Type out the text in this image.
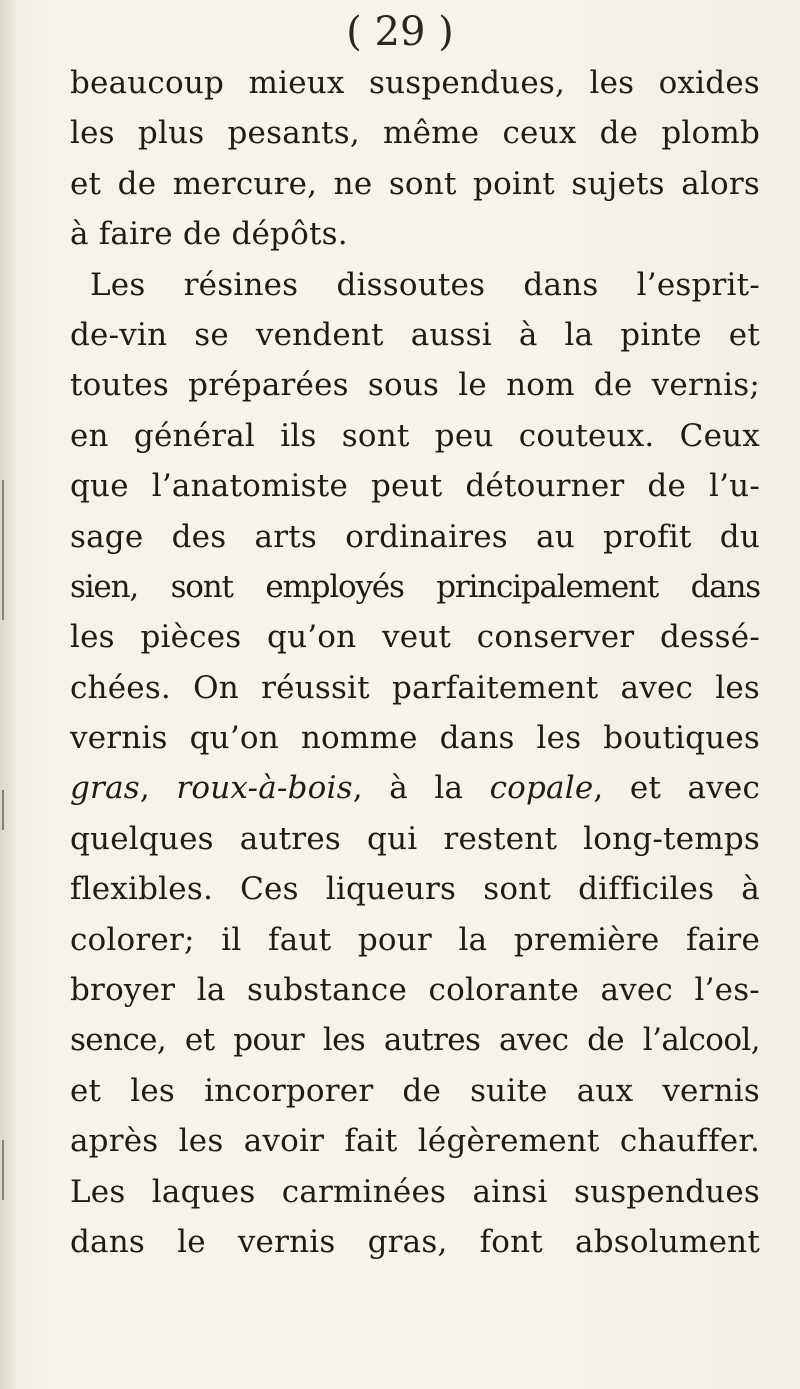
( 29 )
beaucoup mieux suspendues, les oxides
les plus pesants, même ceux de plomb
et de mercure, ne sont point sujets alors
à faire de dépôts.
Les résines dissoutes dans l’esprit-
de-vin se vendent aussi à la pinte et
toutes préparées sous le nom de vernis;
en général ils sont peu couteux. Ceux
que l’anatomiste peut détourner de l’u-
sage des arts ordinaires au profit du
sien, sont employés principalement dans
les pièces qu’on veut conserver dessé-
chées. On réussit parfaitement avec les
vernis qu’on nomme dans les boutiques
gras, roux-à-bois, à la copale, et avec
quelques autres qui restent long-temps
flexibles. Ces liqueurs sont difficiles à
colorer; il faut pour la première faire
broyer la substance colorante avec l’es-
sence, et pour les autres avec de l’alcool,
et les incorporer de suite aux vernis
après les avoir fait légèrement chauffer.
Les laques carminées ainsi suspendues
dans le vernis gras, font absolument
